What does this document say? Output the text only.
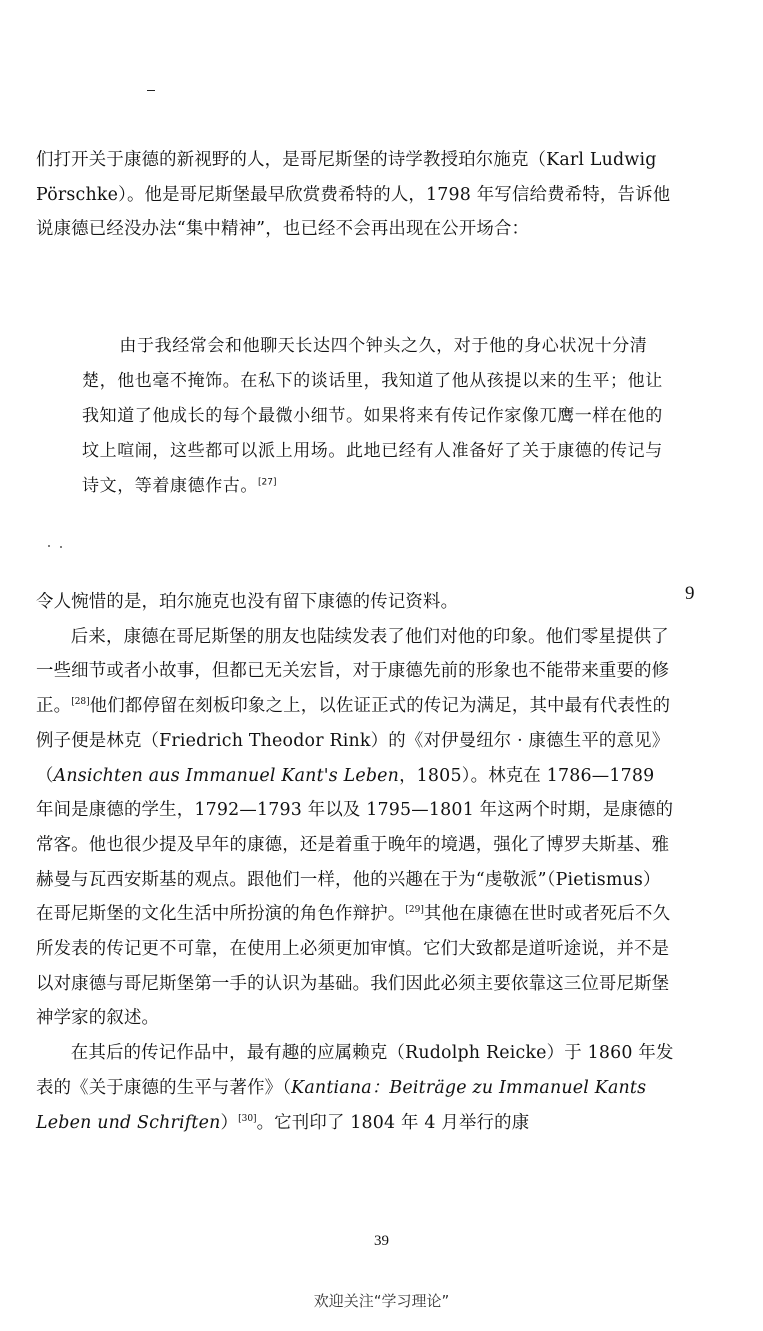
们打开关于康德的新视野的人，是哥尼斯堡的诗学教授珀尔施克（Karl Ludwig Pörschke）。他是哥尼斯堡最早欣赏费希特的人，1798 年写信给费希特，告诉他说康德已经没办法“集中精神”，也已经不会再出现在公开场合：
由于我经常会和他聊天长达四个钟头之久，对于他的身心状况十分清楚，他也毫不掩饰。在私下的谈话里，我知道了他从孩提以来的生平；他让我知道了他成长的每个最微小细节。如果将来有传记作家像兀鹰一样在他的坟上喧闹，这些都可以派上用场。此地已经有人准备好了关于康德的传记与诗文，等着康德作古。[27]
9
令人惋惜的是，珀尔施克也没有留下康德的传记资料。
后来，康德在哥尼斯堡的朋友也陆续发表了他们对他的印象。他们零星提供了一些细节或者小故事，但都已无关宏旨，对于康德先前的形象也不能带来重要的修正。[28]他们都停留在刻板印象之上，以佐证正式的传记为满足，其中最有代表性的例子便是林克（Friedrich Theodor Rink）的《对伊曼纽尔 · 康德生平的意见》（Ansichten aus Immanuel Kant's Leben，1805）。林克在 1786—1789 年间是康德的学生，1792—1793 年以及 1795—1801 年这两个时期，是康德的常客。他也很少提及早年的康德，还是着重于晚年的境遇，强化了博罗夫斯基、雅赫曼与瓦西安斯基的观点。跟他们一样，他的兴趣在于为“虔敬派”（Pietismus）在哥尼斯堡的文化生活中所扮演的角色作辩护。[29]其他在康德在世时或者死后不久所发表的传记更不可靠，在使用上必须更加审慎。它们大致都是道听途说，并不是以对康德与哥尼斯堡第一手的认识为基础。我们因此必须主要依靠这三位哥尼斯堡神学家的叙述。
在其后的传记作品中，最有趣的应属赖克（Rudolph Reicke）于 1860 年发表的《关于康德的生平与著作》（Kantiana：Beiträge zu Immanuel Kants Leben und Schriften）[30]。它刊印了 1804 年 4 月举行的康
39
欢迎关注“学习理论”
